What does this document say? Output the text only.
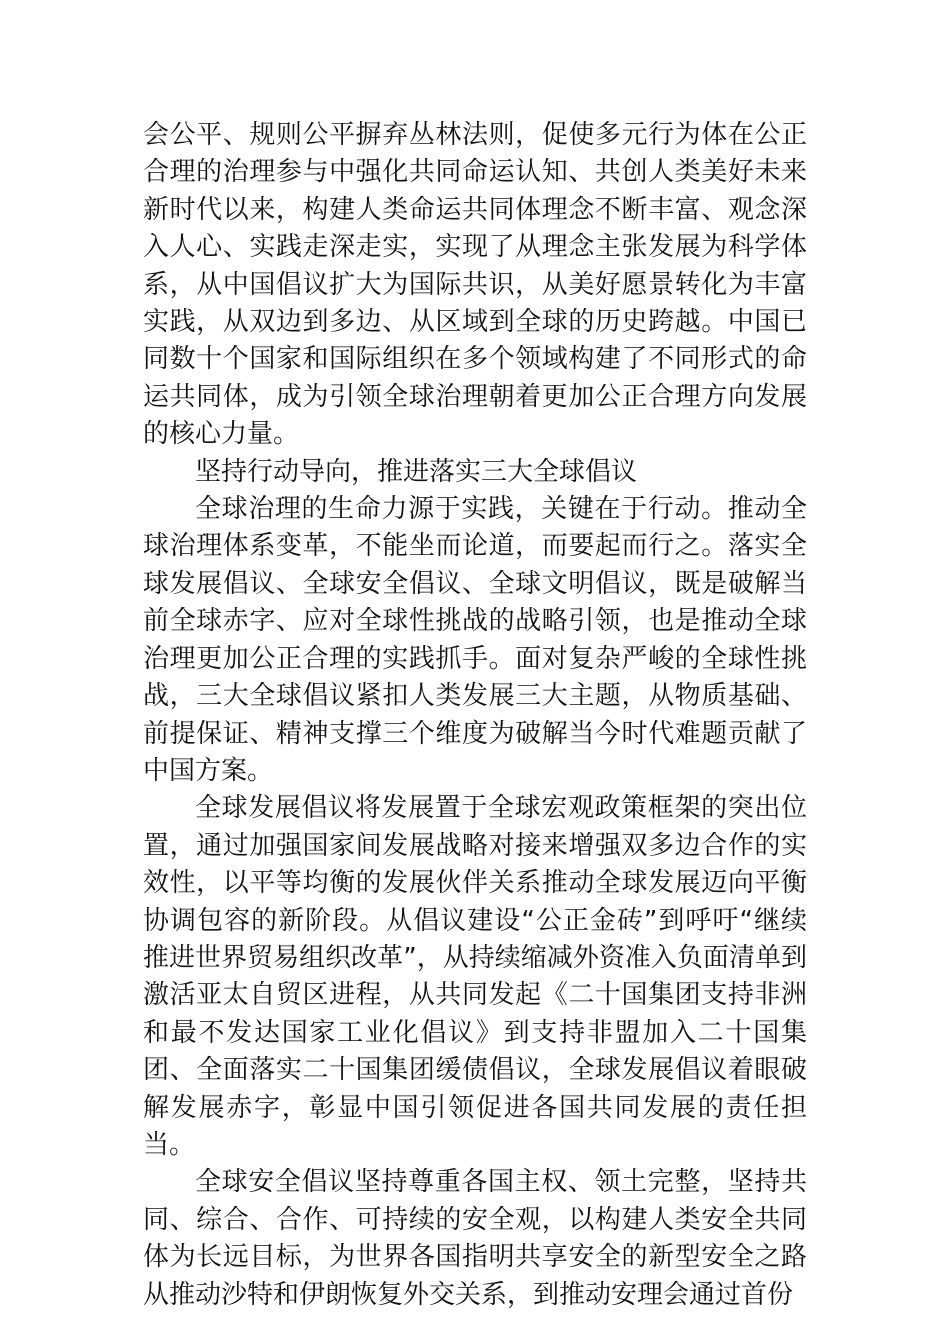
会公平、规则公平摒弃丛林法则，促使多元行为体在公正合理的治理参与中强化共同命运认知、共创人类美好未来新时代以来，构建人类命运共同体理念不断丰富、观念深入人心、实践走深走实，实现了从理念主张发展为科学体系，从中国倡议扩大为国际共识，从美好愿景转化为丰富实践，从双边到多边、从区域到全球的历史跨越。中国已同数十个国家和国际组织在多个领域构建了不同形式的命运共同体，成为引领全球治理朝着更加公正合理方向发展的核心力量。

坚持行动导向，推进落实三大全球倡议

全球治理的生命力源于实践，关键在于行动。推动全球治理体系变革，不能坐而论道，而要起而行之。落实全球发展倡议、全球安全倡议、全球文明倡议，既是破解当前全球赤字、应对全球性挑战的战略引领，也是推动全球治理更加公正合理的实践抓手。面对复杂严峻的全球性挑战，三大全球倡议紧扣人类发展三大主题，从物质基础、前提保证、精神支撑三个维度为破解当今时代难题贡献了中国方案。

全球发展倡议将发展置于全球宏观政策框架的突出位置，通过加强国家间发展战略对接来增强双多边合作的实效性，以平等均衡的发展伙伴关系推动全球发展迈向平衡协调包容的新阶段。从倡议建设“公正金砖”到呼吁“继续推进世界贸易组织改革”，从持续缩减外资准入负面清单到激活亚太自贸区进程，从共同发起《二十国集团支持非洲和最不发达国家工业化倡议》到支持非盟加入二十国集团、全面落实二十国集团缓债倡议，全球发展倡议着眼破解发展赤字，彰显中国引领促进各国共同发展的责任担当。

全球安全倡议坚持尊重各国主权、领土完整，坚持共同、综合、合作、可持续的安全观，以构建人类安全共同体为长远目标，为世界各国指明共享安全的新型安全之路从推动沙特和伊朗恢复外交关系，到推动安理会通过首份
